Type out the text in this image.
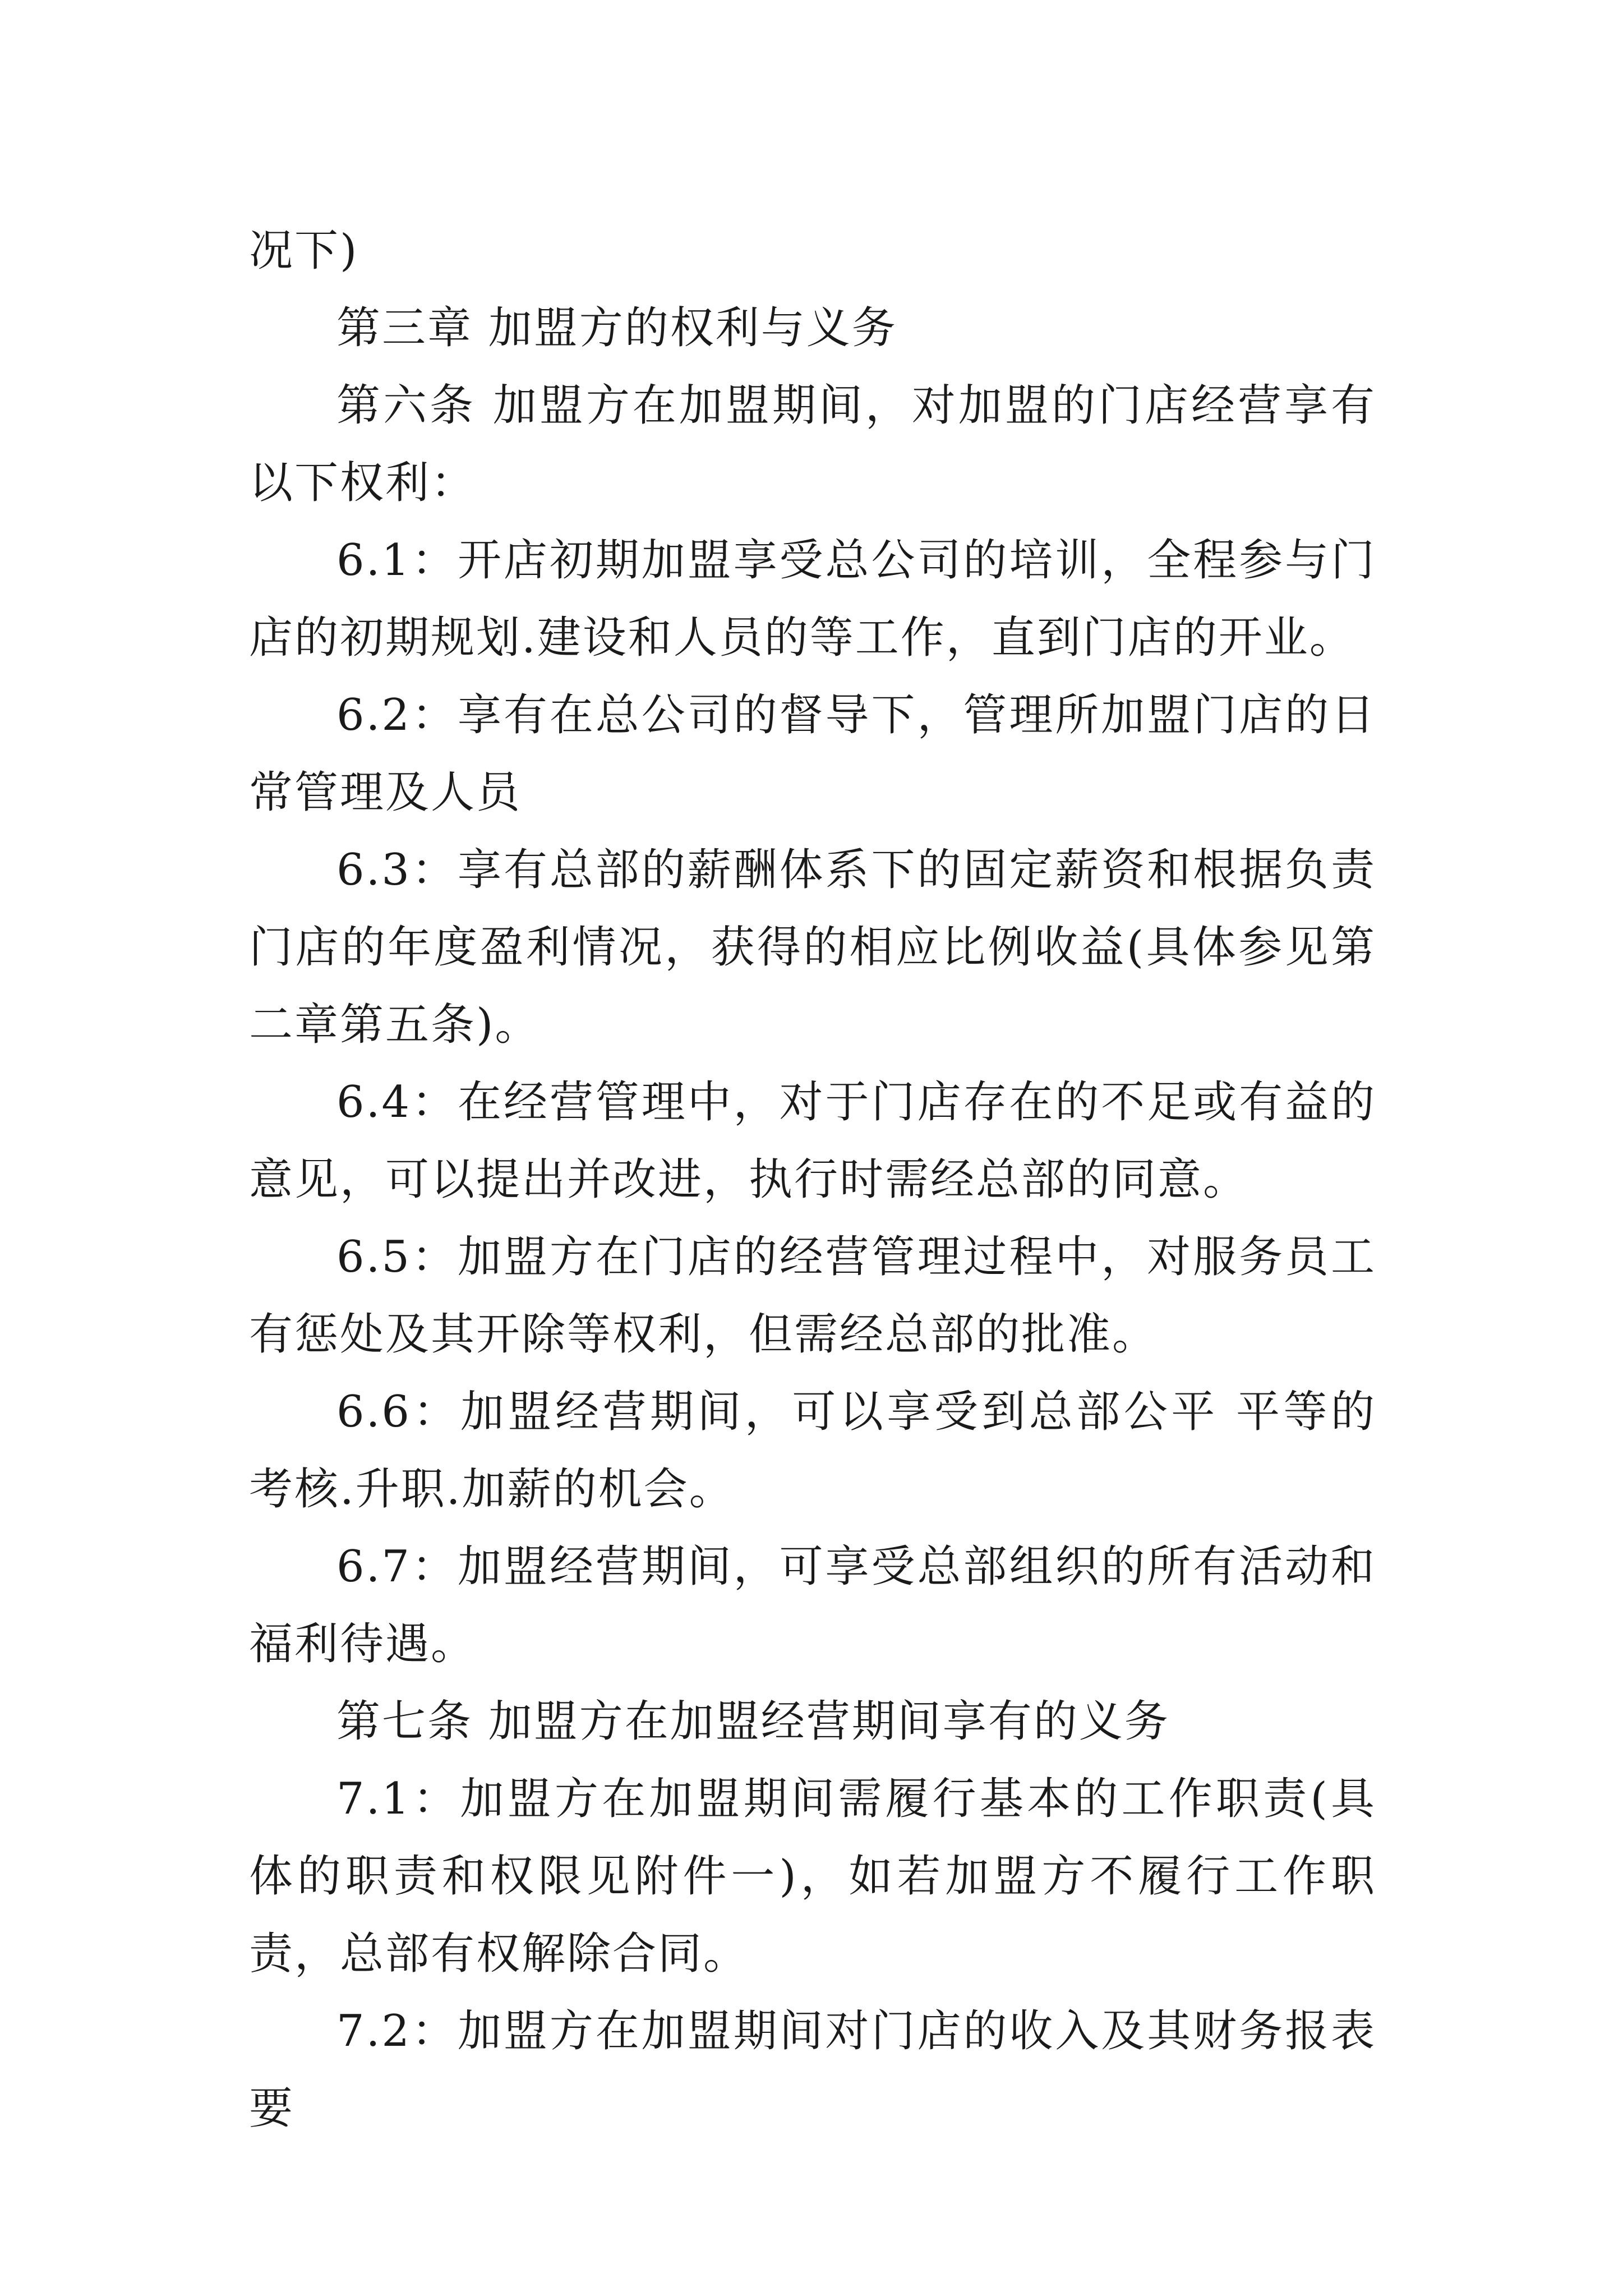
况下)

第三章 加盟方的权利与义务

第六条 加盟方在加盟期间，对加盟的门店经营享有以下权利：

6.1：开店初期加盟享受总公司的培训，全程参与门店的初期规划.建设和人员的等工作，直到门店的开业。

6.2：享有在总公司的督导下，管理所加盟门店的日常管理及人员

6.3：享有总部的薪酬体系下的固定薪资和根据负责门店的年度盈利情况，获得的相应比例收益(具体参见第二章第五条)。

6.4：在经营管理中，对于门店存在的不足或有益的意见，可以提出并改进，执行时需经总部的同意。

6.5：加盟方在门店的经营管理过程中，对服务员工有惩处及其开除等权利，但需经总部的批准。

6.6：加盟经营期间，可以享受到总部公平 平等的考核.升职.加薪的机会。

6.7：加盟经营期间，可享受总部组织的所有活动和福利待遇。

第七条 加盟方在加盟经营期间享有的义务

7.1：加盟方在加盟期间需履行基本的工作职责(具体的职责和权限见附件一)，如若加盟方不履行工作职责，总部有权解除合同。

7.2：加盟方在加盟期间对门店的收入及其财务报表要
